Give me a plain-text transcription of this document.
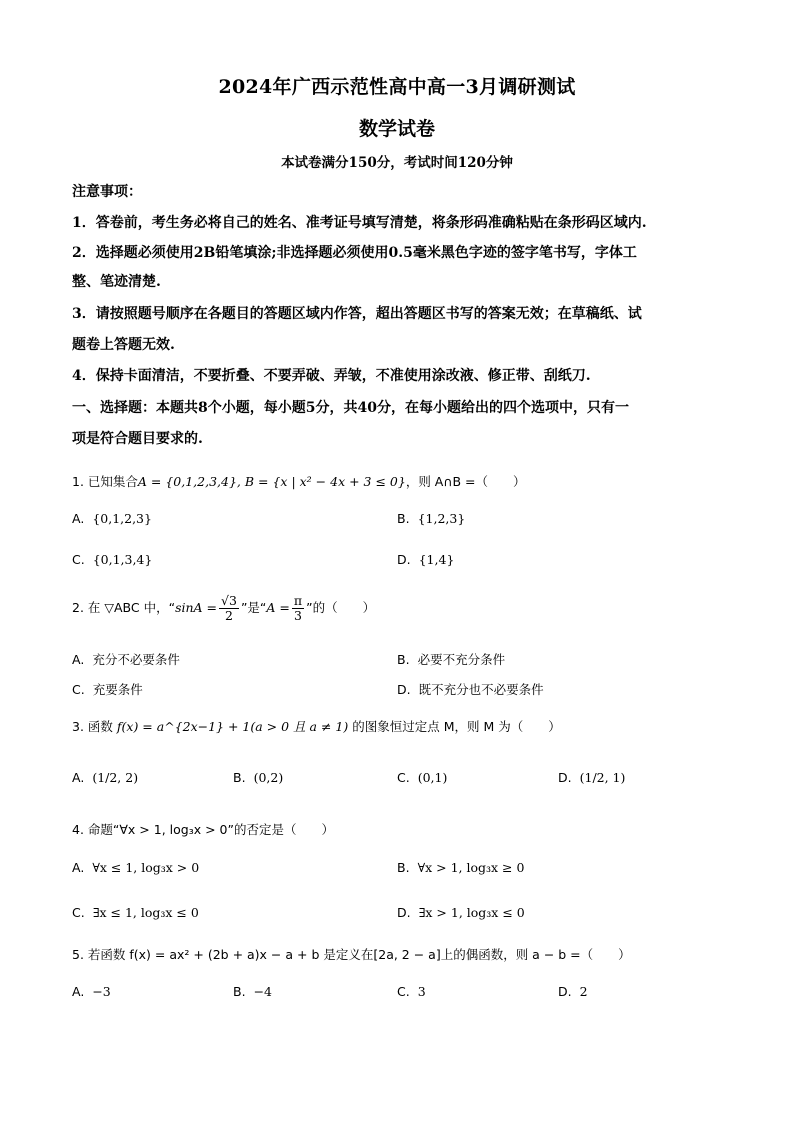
2024年广西示范性高中高一3月调研测试
数学试卷
本试卷满分150分，考试时间120分钟
注意事项：
1．答卷前，考生务必将自己的姓名、准考证号填写清楚，将条形码准确粘贴在条形码区域内.
2．选择题必须使用2B铅笔填涂;非选择题必须使用0.5毫米黑色字迹的签字笔书写，字体工
整、笔迹清楚.
3．请按照题号顺序在各题目的答题区域内作答，超出答题区书写的答案无效；在草稿纸、试
题卷上答题无效.
4．保持卡面清洁，不要折叠、不要弄破、弄皱，不准使用涂改液、修正带、刮纸刀.
一、选择题：本题共8个小题，每小题5分，共40分，在每小题给出的四个选项中，只有一
项是符合题目要求的.
1. 已知集合A = {0,1,2,3,4}, B = {x | x² − 4x + 3 ≤ 0}，则 A∩B =（　　）
A. {0,1,2,3}	B. {1,2,3}
C. {0,1,3,4}	D. {1,4}
2. 在 ▽ABC 中，“$\sin A = \frac{√3}{2}$ ”是“$A = \frac{\pi}{3}$ ”的（　　）
A. 充分不必要条件	B. 必要不充分条件
C. 充要条件	D. 既不充分也不必要条件
3. 函数 f(x) = a^{2x−1} + 1(a > 0 且 a ≠ 1) 的图象恒过定点 M，则 M 为（　　）
A. (1/2, 2)	B. (0,2)	C. (0,1)	D. (1/2, 1)
4. 命题“∀x > 1, log₃x > 0”的否定是（　　）
A. ∀x ≤ 1, log₃x > 0	B. ∀x > 1, log₃x ≥ 0
C. ∃x ≤ 1, log₃x ≤ 0	D. ∃x > 1, log₃x ≤ 0
5. 若函数 f(x) = ax² + (2b + a)x − a + b 是定义在[2a, 2 − a]上的偶函数，则 a − b =（　　）
A. −3	B. −4	C. 3	D. 2
